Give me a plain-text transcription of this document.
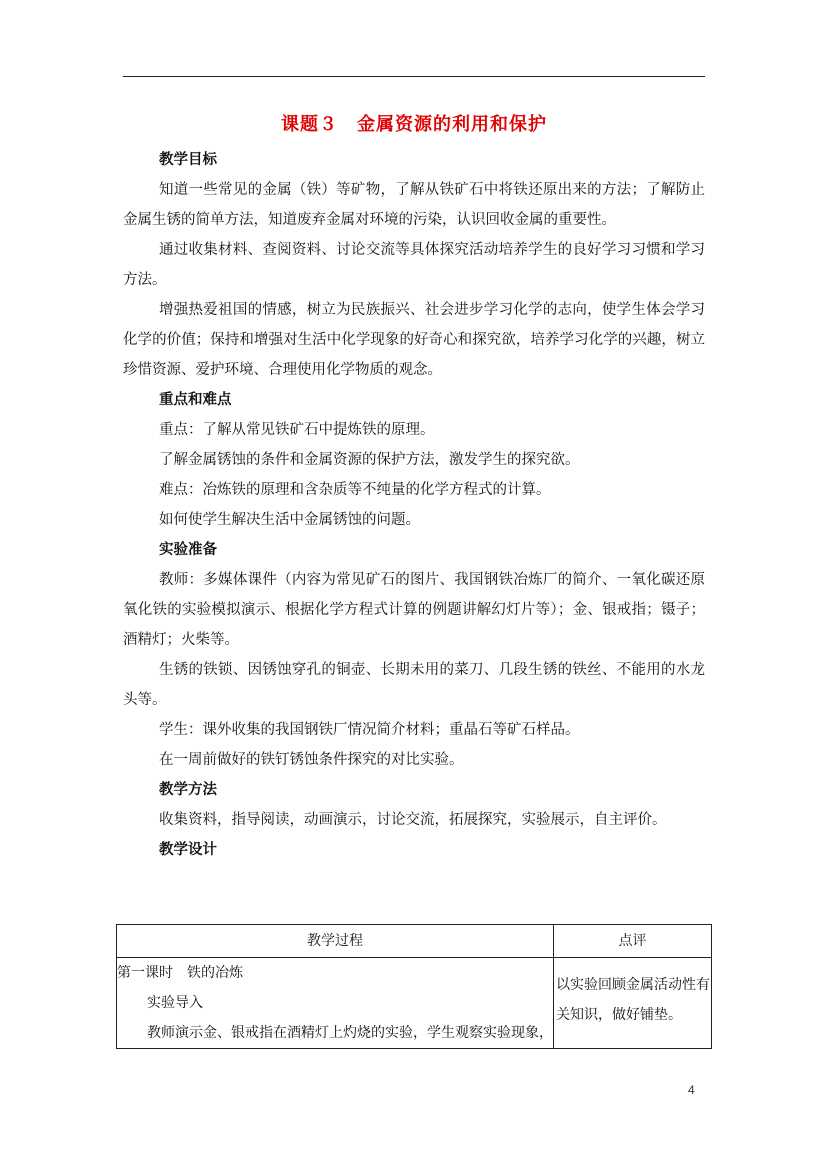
课题３　金属资源的利用和保护
教学目标

知道一些常见的金属（铁）等矿物，了解从铁矿石中将铁还原出来的方法；了解防止金属生锈的简单方法，知道废弃金属对环境的污染，认识回收金属的重要性。

通过收集材料、查阅资料、讨论交流等具体探究活动培养学生的良好学习习惯和学习方法。

增强热爱祖国的情感，树立为民族振兴、社会进步学习化学的志向，使学生体会学习化学的价值；保持和增强对生活中化学现象的好奇心和探究欲，培养学习化学的兴趣，树立珍惜资源、爱护环境、合理使用化学物质的观念。

重点和难点
重点：了解从常见铁矿石中提炼铁的原理。
了解金属锈蚀的条件和金属资源的保护方法，激发学生的探究欲。
难点：冶炼铁的原理和含杂质等不纯量的化学方程式的计算。
如何使学生解决生活中金属锈蚀的问题。
实验准备

教师：多媒体课件（内容为常见矿石的图片、我国钢铁冶炼厂的简介、一氧化碳还原氧化铁的实验模拟演示、根据化学方程式计算的例题讲解幻灯片等）；金、银戒指；镊子；酒精灯；火柴等。

生锈的铁锁、因锈蚀穿孔的铜壶、长期未用的菜刀、几段生锈的铁丝、不能用的水龙头等。

学生：课外收集的我国钢铁厂情况简介材料；重晶石等矿石样品。
在一周前做好的铁钉锈蚀条件探究的对比实验。
教学方法
收集资料，指导阅读，动画演示，讨论交流，拓展探究，实验展示，自主评价。
教学设计
教学过程	点评

第一课时　铁的冶炼
实验导入
教师演示金、银戒指在酒精灯上灼烧的实验，学生观察实验现象，	以实验回顾金属活动性有关知识，做好铺垫。
4
